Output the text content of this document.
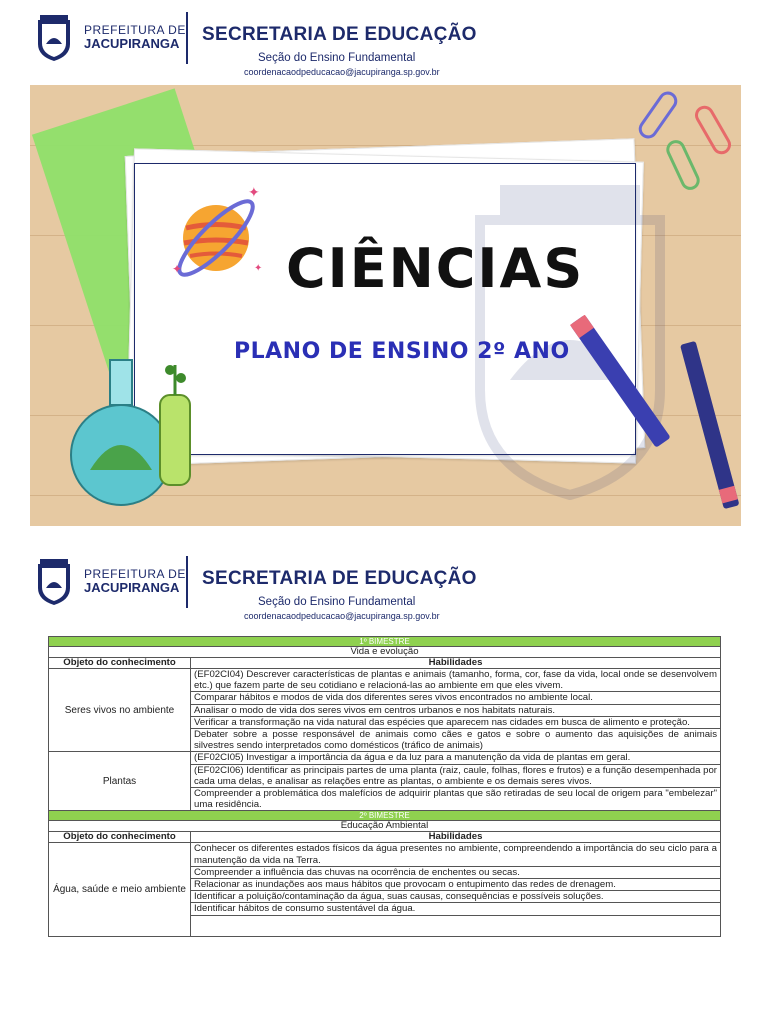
PREFEITURA DE
JACUPIRANGA SECRETARIA DE EDUCAÇÃO
Seção do Ensino Fundamental
coordenacaodpeducacao@jacupiranga.sp.gov.br
✦
✦	✦ CIÊNCIAS
PLANO DE ENSINO 2º ANO
PREFEITURA DE
JACUPIRANGA SECRETARIA DE EDUCAÇÃO
Seção do Ensino Fundamental
coordenacaodpeducacao@jacupiranga.sp.gov.br
1º BIMESTRE	
Vida e evolução	
Objeto do conhecimento	Habilidades
Seres vivos no ambiente	(EF02CI04) Descrever características de plantas e animais (tamanho, forma, cor, fase da vida, local onde se desenvolvem etc.) que fazem parte de seu cotidiano e relacioná-las ao ambiente em que eles vivem.
	Comparar hábitos e modos de vida dos diferentes seres vivos encontrados no ambiente local.
	Analisar o modo de vida dos seres vivos em centros urbanos e nos habitats naturais.
	Verificar a transformação na vida natural das espécies que aparecem nas cidades em busca de alimento e proteção.
	Debater sobre a posse responsável de animais como cães e gatos e sobre o aumento das aquisições de animais silvestres sendo interpretados como domésticos (tráfico de animais)
Plantas	(EF02CI05) Investigar a importância da água e da luz para a manutenção da vida de plantas em geral.
	(EF02CI06) Identificar as principais partes de uma planta (raiz, caule, folhas, flores e frutos) e a função desempenhada por cada uma delas, e analisar as relações entre as plantas, o ambiente e os demais seres vivos.
	Compreender a problemática dos malefícios de adquirir plantas que são retiradas de seu local de origem para "embelezar" uma residência.
2º BIMESTRE	
Educação Ambiental	
Objeto do conhecimento	Habilidades
Água, saúde e meio ambiente	Conhecer os diferentes estados físicos da água presentes no ambiente, compreendendo a importância do seu ciclo para a manutenção da vida na Terra.
	Compreender a influência das chuvas na ocorrência de enchentes ou secas.
	Relacionar as inundações aos maus hábitos que provocam o entupimento das redes de drenagem.
	Identificar a poluição/contaminação da água, suas causas, consequências e possíveis soluções.
	Identificar hábitos de consumo sustentável da água.
